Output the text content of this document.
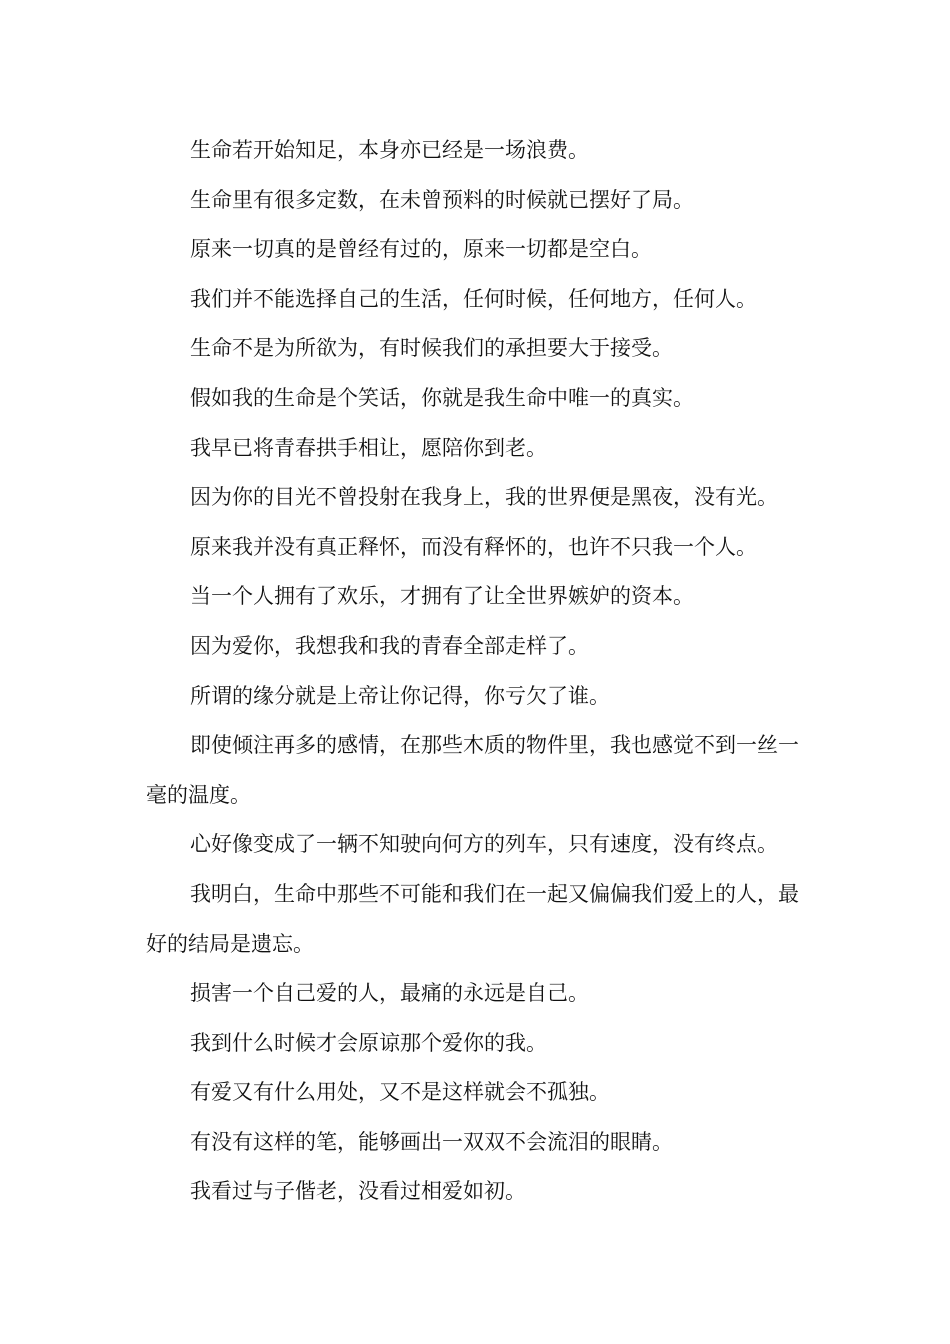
生命若开始知足，本身亦已经是一场浪费。

生命里有很多定数，在未曾预料的时候就已摆好了局。

原来一切真的是曾经有过的，原来一切都是空白。

我们并不能选择自己的生活，任何时候，任何地方，任何人。

生命不是为所欲为，有时候我们的承担要大于接受。

假如我的生命是个笑话，你就是我生命中唯一的真实。

我早已将青春拱手相让，愿陪你到老。

因为你的目光不曾投射在我身上，我的世界便是黑夜，没有光。

原来我并没有真正释怀，而没有释怀的，也许不只我一个人。

当一个人拥有了欢乐，才拥有了让全世界嫉妒的资本。

因为爱你，我想我和我的青春全部走样了。

所谓的缘分就是上帝让你记得，你亏欠了谁。

即使倾注再多的感情，在那些木质的物件里，我也感觉不到一丝一毫的温度。

心好像变成了一辆不知驶向何方的列车，只有速度，没有终点。

我明白，生命中那些不可能和我们在一起又偏偏我们爱上的人，最好的结局是遗忘。

损害一个自己爱的人，最痛的永远是自己。

我到什么时候才会原谅那个爱你的我。

有爱又有什么用处，又不是这样就会不孤独。

有没有这样的笔，能够画出一双双不会流泪的眼睛。

我看过与子偕老，没看过相爱如初。
